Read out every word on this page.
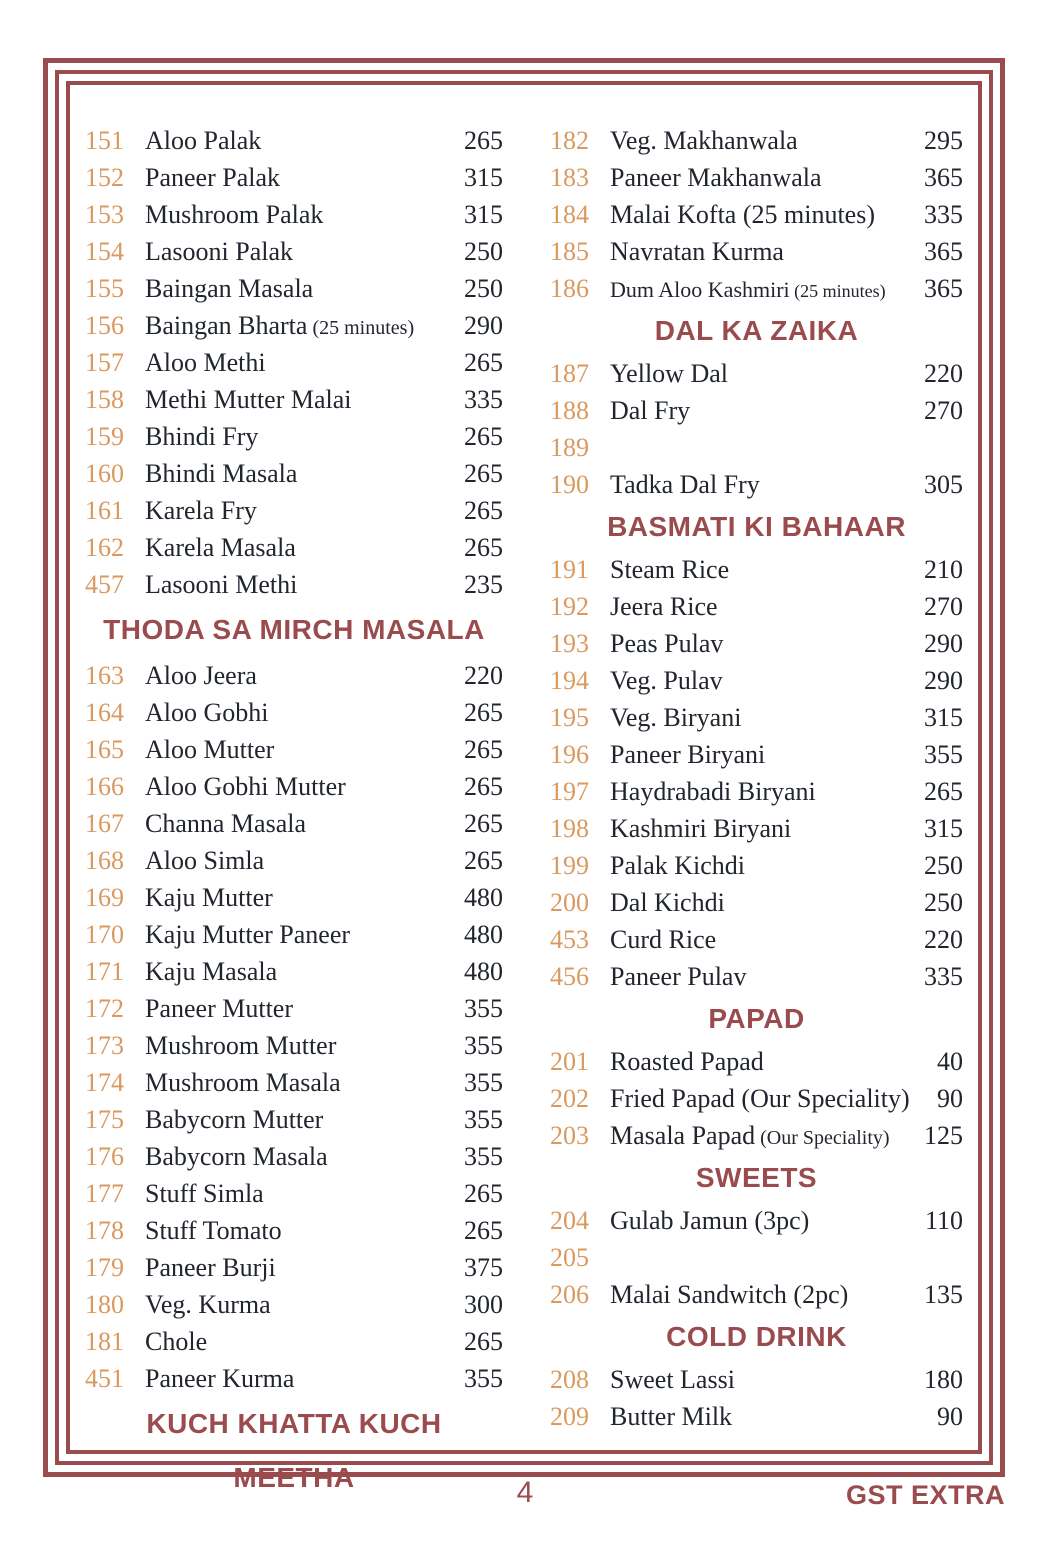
151 Aloo Palak	265
152 Paneer Palak	315
153 Mushroom Palak	315
154 Lasooni Palak	250
155 Baingan Masala	250
156 Baingan Bharta (25 minutes)	290
157 Aloo Methi	265
158 Methi Mutter Malai	335
159 Bhindi Fry	265
160 Bhindi Masala	265
161 Karela Fry	265
162 Karela Masala	265
457 Lasooni Methi	235
THODA SA MIRCH MASALA
163 Aloo Jeera	220
164 Aloo Gobhi	265
165 Aloo Mutter	265
166 Aloo Gobhi Mutter	265
167 Channa Masala	265
168 Aloo Simla	265
169 Kaju Mutter	480
170 Kaju Mutter Paneer	480
171 Kaju Masala	480
172 Paneer Mutter	355
173 Mushroom Mutter	355
174 Mushroom Masala	355
175 Babycorn Mutter	355
176 Babycorn Masala	355
177 Stuff Simla	265
178 Stuff Tomato	265
179 Paneer Burji	375
180 Veg. Kurma	300
181 Chole	265
451 Paneer Kurma	355
KUCH KHATTA KUCH MEETHA
182 Veg. Makhanwala	295
183 Paneer Makhanwala	365
184 Malai Kofta (25 minutes)	335
185 Navratan Kurma	365
186 Dum Aloo Kashmiri (25 minutes)	365
DAL KA ZAIKA
187 Yellow Dal	220
188 Dal Fry	270
189
190 Tadka Dal Fry	305
BASMATI KI BAHAAR
191 Steam Rice	210
192 Jeera Rice	270
193 Peas Pulav	290
194 Veg. Pulav	290
195 Veg. Biryani	315
196 Paneer Biryani	355
197 Haydrabadi Biryani	265
198 Kashmiri Biryani	315
199 Palak Kichdi	250
200 Dal Kichdi	250
453 Curd Rice	220
456 Paneer Pulav	335
PAPAD
201 Roasted Papad	40
202 Fried Papad (Our Speciality)	90
203 Masala Papad (Our Speciality)	125
SWEETS
204 Gulab Jamun (3pc)	110
205
206 Malai Sandwitch (2pc)	135
COLD DRINK
208 Sweet Lassi	180
209 Butter Milk	90
4	GST EXTRA
